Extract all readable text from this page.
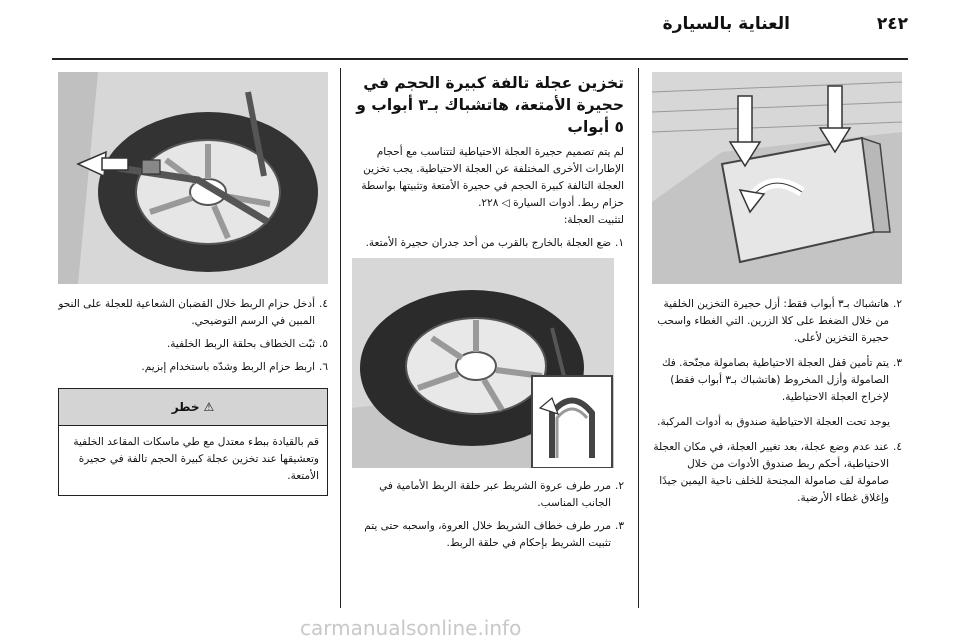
٢٤٢
العناية بالسيارة
٢.
هاتشباك بـ٣ أبواب فقط: أزل حجيرة التخزين الخلفية من خلال الضغط على كلا الزرين. التي الغطاء واسحب حجيرة التخزين لأعلى.
٣.
يتم تأمين قفل العجلة الاحتياطية بصامولة مجنّحة. فك الصامولة وأزل المخروط (هاتشباك بـ٣ أبواب فقط) لإخراج العجلة الاحتياطية.

يوجد تحت العجلة الاحتياطية صندوق به أدوات المركبة.

٤.
عند عدم وضع عجلة، بعد تغيير العجلة، في مكان العجلة الاحتياطية، أحكم ربط صندوق الأدوات من خلال صامولة لف صامولة المجنحة للخلف ناحية اليمين جيدًا وإغلاق غطاء الأرضية.
تخزين عجلة تالفة كبيرة الحجم في حجيرة الأمتعة، هاتشباك بـ٣ أبواب و ٥ أبواب

لم يتم تصميم حجيرة العجلة الاحتياطية لتتناسب مع أحجام الإطارات الأخرى المختلفة عن العجلة الاحتياطية. يجب تخزين العجلة التالفة كبيرة الحجم في حجيرة الأمتعة وتثبيتها بواسطة حزام ربط. أدوات السيارة ◁ ٢٢٨.

لتثبيت العجلة:

١.
ضع العجلة بالخارج بالقرب من أحد جدران حجيرة الأمتعة.
٢.
مرر طرف عروة الشريط عبر حلقة الربط الأمامية في الجانب المناسب.
٣.
مرر طرف خطاف الشريط خلال العروة، واسحبه حتى يتم تثبيت الشريط بإحكام في حلقة الربط.
٤.
أدخل حزام الربط خلال القضبان الشعاعية للعجلة على النحو المبين في الرسم التوضيحي.
٥.
ثبّت الخطاف بحلقة الربط الخلفية.
٦.
اربط حزام الربط وشدّه باستخدام إبزيم.
⚠
خطر

قم بالقيادة ببطء معتدل مع طي ماسكات المقاعد الخلفية وتعشيقها عند تخزين عجلة كبيرة الحجم تالفة في حجيرة الأمتعة.

carmanualsonline.info
